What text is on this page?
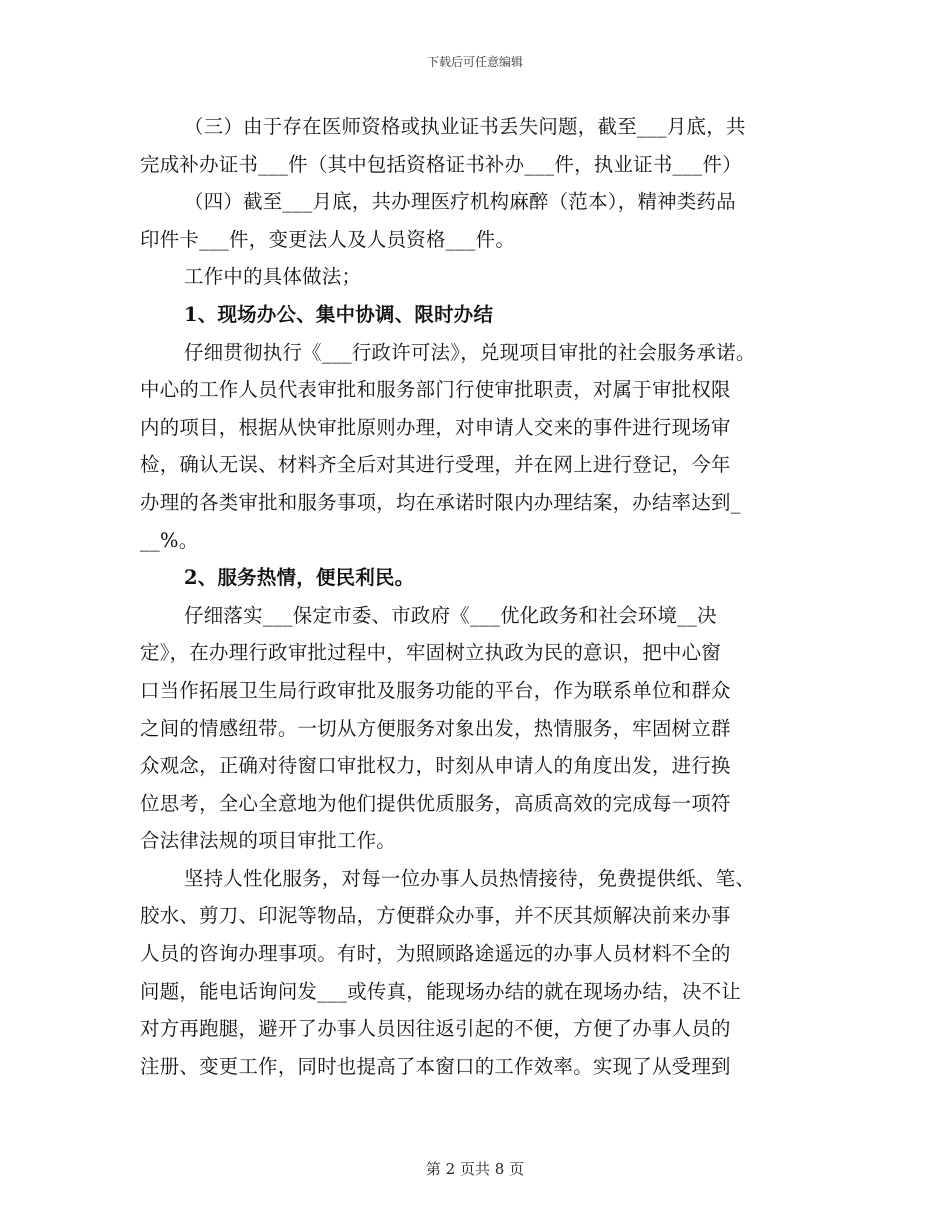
下载后可任意编辑
（三）由于存在医师资格或执业证书丢失问题，截至___月底，共
完成补办证书___件（其中包括资格证书补办___件，执业证书___件）
（四）截至___月底，共办理医疗机构麻醉（范本），精神类药品
印件卡___件，变更法人及人员资格___件。
工作中的具体做法；
1、现场办公、集中协调、限时办结
仔细贯彻执行《___行政许可法》，兑现项目审批的社会服务承诺。
中心的工作人员代表审批和服务部门行使审批职责，对属于审批权限
内的项目，根据从快审批原则办理，对申请人交来的事件进行现场审
检，确认无误、材料齐全后对其进行受理，并在网上进行登记，今年
办理的各类审批和服务事项，均在承诺时限内办理结案，办结率达到_
__%。
2、服务热情，便民利民。
仔细落实___保定市委、市政府《___优化政务和社会环境__决
定》，在办理行政审批过程中，牢固树立执政为民的意识，把中心窗
口当作拓展卫生局行政审批及服务功能的平台，作为联系单位和群众
之间的情感纽带。一切从方便服务对象出发，热情服务，牢固树立群
众观念，正确对待窗口审批权力，时刻从申请人的角度出发，进行换
位思考，全心全意地为他们提供优质服务，高质高效的完成每一项符
合法律法规的项目审批工作。
坚持人性化服务，对每一位办事人员热情接待，免费提供纸、笔、
胶水、剪刀、印泥等物品，方便群众办事，并不厌其烦解决前来办事
人员的咨询办理事项。有时，为照顾路途遥远的办事人员材料不全的
问题，能电话询问发___或传真，能现场办结的就在现场办结，决不让
对方再跑腿，避开了办事人员因往返引起的不便，方便了办事人员的
注册、变更工作，同时也提高了本窗口的工作效率。实现了从受理到
第 2 页共 8 页
